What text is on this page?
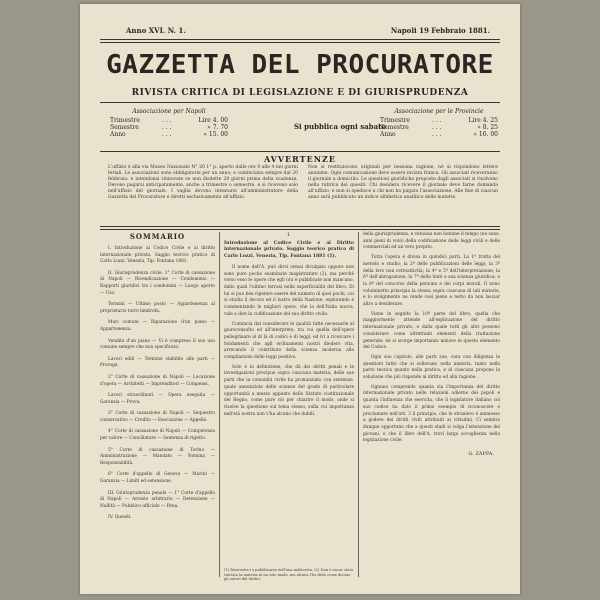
Anno XVI. N. 1.	Napoli 19 Febbraio 1881.
GAZZETTA DEL PROCURATORE
RIVISTA CRITICA DI LEGISLAZIONE E DI GIURISPRUDENZA
Associazione per Napoli
Trimestre	. . .	Lire 4. 00
Semestre	. . .	» 7. 70
Anno	. . .	» 15. 00
Si pubblica ogni sabato
Associazione per le Provincie
Trimestre	. . .	Lire 4. 25
Semestre	. . .	» 8. 25
Anno	. . .	» 16. 00
AVVERTENZE
L'uffizio è alla via Museo Nazionale N° 20 1° p. aperto dalle ore 9 alle 4 nei giorni feriali. Le associazioni sono obbligatorie per un anno; e cominciano sempre dal 20 febbraio: e intendonsi rinnovate se non disdette 20 giorni prima della scadenza. Devono pagarsi anticipatamente, anche a trimestre o semestre, e si ricevono solo nell'uffizio del giornale. I vaglia devono intestarsi all'amministratore della Gazzetta del Procuratore e diretti esclusivamente all'uffizio.
Non si restituiscono originali per nessuna ragione, né si rispondono lettere anonime. Ogni comunicazione deve essere inviata franca. Gli associati riceveranno il giornale a domicilio. Le questioni giuridiche proposte dagli associati si risolvono nella rubrica dei quesiti. Chi desidera ricevere il giornale deve farne domanda all'uffizio, e non si spedisce a chi non ha pagato l'associazione. Alle fine di ciascun anno sarà pubblicato un indice alfabetico analitico delle materie.
SOMMARIO
I. Introduzione al Codice Civile e al diritto internazionale privato. Saggio teorico pratico di Carlo Lozzi. Venezia, Tip. Fontana 1881.
II. Giurisprudenza civile. 1° Corte di cassazione di Napoli — Rivendicazione — Condominio — Rapporti giuridici tra i condomini — Luogo aperto — Uso.
Termini — Ultimo posto — Appartenenza al proprietario torre limitrofa.
Muri comuni — Riparazione d'un piano — Appartenenza.
Vendita d'un piano — Vi è compreso il suo uso comune sempre che non specificato.
Lavori edili — Termine stabilito alle parti — Proroga.
2° Corte di cassazione di Napoli — Locazione d'opera — Architetti — Imprenditori — Compensi.
Lavori straordinari — Opera eseguita — Garanzia — Prova.
3° Corte di cassazione di Napoli — Sequestro conservativo — Credito — Esecuzione — Appello.
4° Corte di cassazione di Napoli — Competenza per valore — Conciliatore — Sentenza di rigetto.
5° Corte di cassazione di Torino — Amministrazione — Mandato — Nomina — Responsabilità.
6° Corte d'appello di Genova — Marito — Garanzia — Limiti ed estensione.
III. Giurisprudenza penale — 1° Corte d'appello di Napoli — Arresto arbitrario — Detenzione — Nullità — Pubblico ufficiale — Pena.
IV. Quesiti.
I.
Introduzione al Codice Civile e al Diritto internazionale privato. Saggio teorico pratico di Carlo Lozzi. Venezia, Tip. Fontana 1881 (1).

Il nome dell'A. può dirsi ormai divulgato oppure non sono pure poche esaminate magistrature (2), ma perchè verso esso le opere che egli ora è pubblicate non mancano, dallo quali l'ultimo terrasi nella superficialità del libro. Di lui si può ben ripetere essere del numero di quei pochi, cui si studia il decoro ed il lustro della Nazione, esplorando e commentando le migliori opere, che la dell'Italia nuova, vale a dire la codificazione del suo diritto civile.

Comincia dal considerare le qualità tutte necessarie al giureconsulto ed all'interprete, tra cui quella dell'opere pellegrinare al di là di codici e di leggi, ed ivi a ricercare i fondamenti che agli ordinamenti nostri diedero vita, arrecando il contributo della scienza moderna alla compilazione delle leggi positive.

Solo è la definizione, che dà dei diritti penali e le investigazioni precipue sopra ciascuna materia; delle sue parti che la comunità civile ha pronunziato con sentenze, quale annunziate delle scienze del grado di particolare opportunità a mezzo appunto dello Statuto costituzionale del Regno, come pure ciò per chiarire il modo, onde si risolve la questione sul tema stesso, sulla cui importanza nell'età nostra non v'ha alcuno che dubiti.

(1) Riservatoci a pubblicarne nell'una indiscreta. (2) Non è ancor stata trattata la materia in un solo modo, ma alcuno l'ha fatto come dicono gli autori del diritto.

della giurisprudenza, e vetuissa non lontane il tempo (ne sono, anni pieni di voto) della codificazione delle leggi civili e delle commerciali ed un vero proprio.

Tutta l'opera è divisa in quindici parti. La 1ª tratta del metodo e studio; la 2ª delle pubblicazioni delle leggi; la 3ª della loro non retroattività; la 4ª e 5ª dell'interpretazione; la 6ª dell'abrogazione; la 7ª delle fonti e sua scienza giuridica; e la 8ª del concorso della persona e dei corpi morali. Il nono voluminetto principia la stessa sopra ciascuna di tali materie, e lo svolgimento ne rende così pieno e netto da non lasciar altro a desiderare.

Viene in seguito la 10ª parte del libro, quella che maggiormente attende all'esplicazione del diritto internazionale privato, e dalla quale tutti gli altri possono considerare come altrettanti elementi della trattazione generale; nè si scorge importanza minore in questo elemento del Codice.

Ogni suo capitolo, alle parti sue, cura con diligenza le questioni tutte che si sollevano nella materia, tanto nella parte teorica quanto nella pratica, e di ciascuna propone la soluzione che più risponde al diritto ed alla ragione.

Ognuno comprende quanta sia l'importanza del diritto internazionale privato nelle relazioni odierne dei popoli e quanta l'influenza che esercita, che il legislatore italiano col suo codice ha dato il primo esempio di riconoscere e proclamare nell'art. 3 il principio, che lo straniero è ammesso a godere dei diritti civili attribuiti ai cittadini. Ci sembra dunque opportuno che a questi studi si volga l'attenzione dei giovani, e che il libro dell'A. trovi larga accoglienza nella legislazione civile.

G. ZAPPA.
